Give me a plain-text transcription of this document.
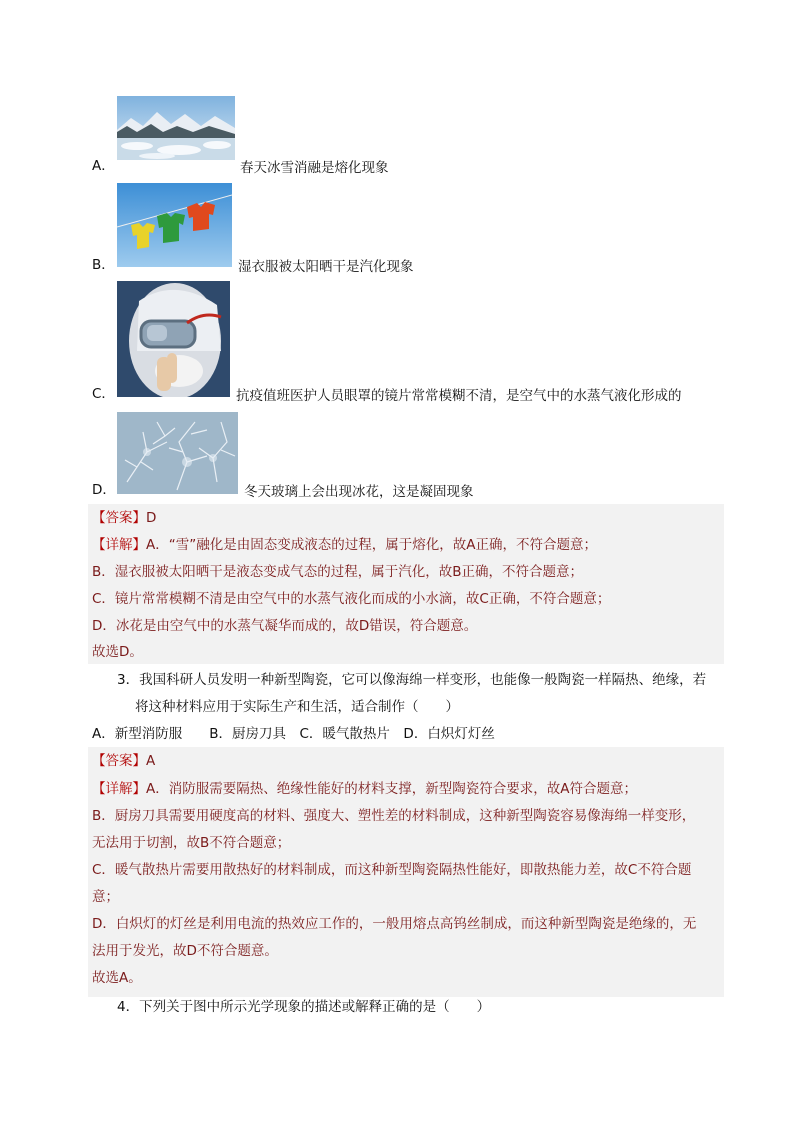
A．	春天冰雪消融是熔化现象
B．	湿衣服被太阳晒干是汽化现象
C．	抗疫值班医护人员眼罩的镜片常常模糊不清，是空气中的水蒸气液化形成的
D．	冬天玻璃上会出现冰花，这是凝固现象
【答案】D
【详解】A．“雪”融化是由固态变成液态的过程，属于熔化，故A正确，不符合题意；
B．湿衣服被太阳晒干是液态变成气态的过程，属于汽化，故B正确，不符合题意；
C．镜片常常模糊不清是由空气中的水蒸气液化而成的小水滴，故C正确，不符合题意；
D．冰花是由空气中的水蒸气凝华而成的，故D错误，符合题意。
故选D。
3．我国科研人员发明一种新型陶瓷，它可以像海绵一样变形，也能像一般陶瓷一样隔热、绝缘，若
将这种材料应用于实际生产和生活，适合制作（　　）
A．新型消防服　　B．厨房刀具　C．暖气散热片　D．白炽灯灯丝
【答案】A
【详解】A．消防服需要隔热、绝缘性能好的材料支撑，新型陶瓷符合要求，故A符合题意；
B．厨房刀具需要用硬度高的材料、强度大、塑性差的材料制成，这种新型陶瓷容易像海绵一样变形，
无法用于切割，故B不符合题意；
C．暖气散热片需要用散热好的材料制成，而这种新型陶瓷隔热性能好，即散热能力差，故C不符合题
意；
D．白炽灯的灯丝是利用电流的热效应工作的，一般用熔点高钨丝制成，而这种新型陶瓷是绝缘的，无
法用于发光，故D不符合题意。
故选A。
4．下列关于图中所示光学现象的描述或解释正确的是（　　）
